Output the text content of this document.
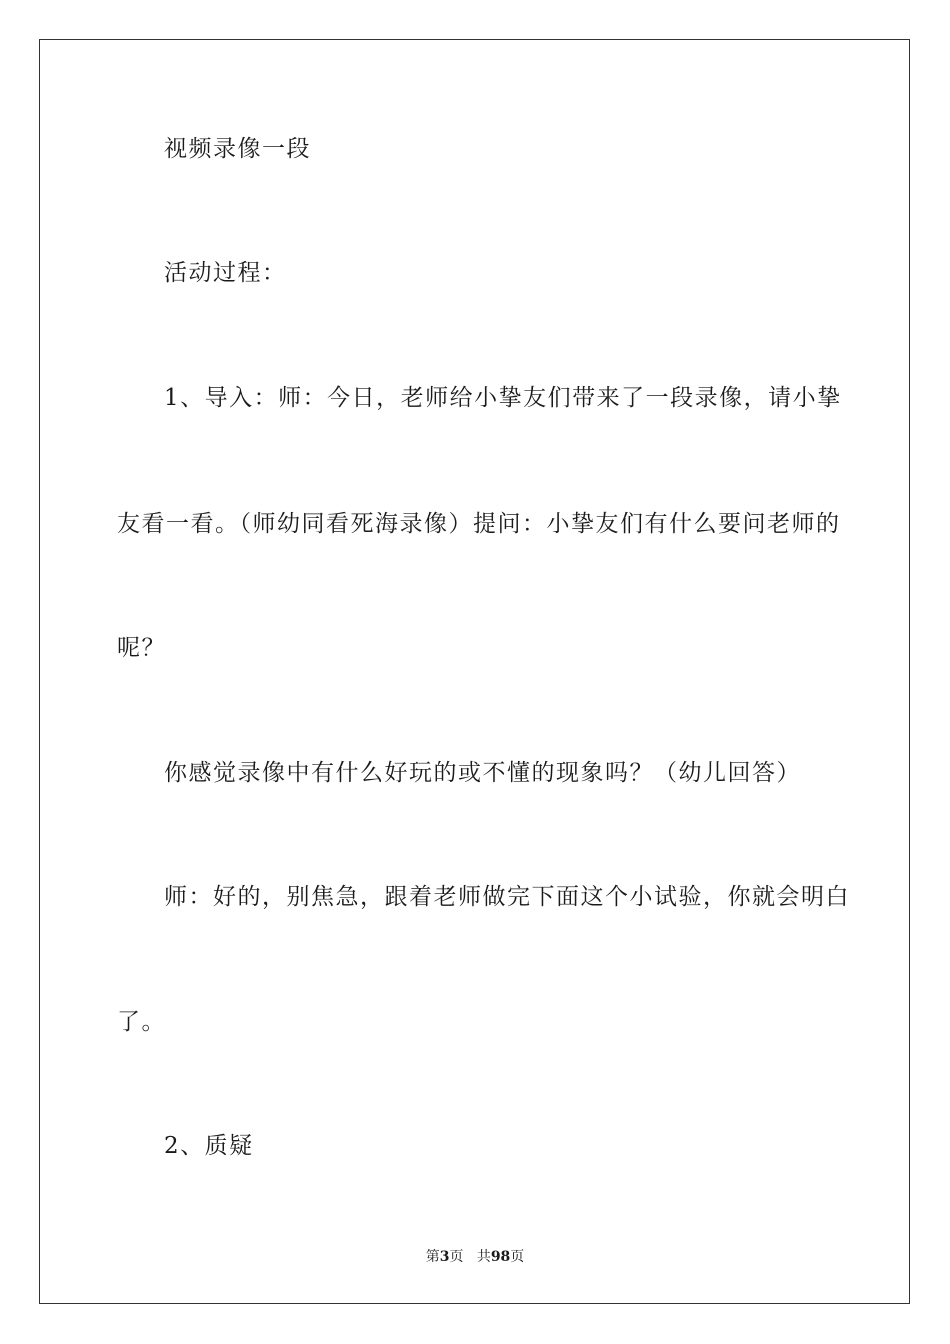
视频录像一段
活动过程：
1、导入：师：今日，老师给小挚友们带来了一段录像，请小挚
友看一看。（师幼同看死海录像）提问：小挚友们有什么要问老师的
呢？
你感觉录像中有什么好玩的或不懂的现象吗？（幼儿回答）
师：好的，别焦急，跟着老师做完下面这个小试验，你就会明白
了。
2、质疑
第3页 共98页
